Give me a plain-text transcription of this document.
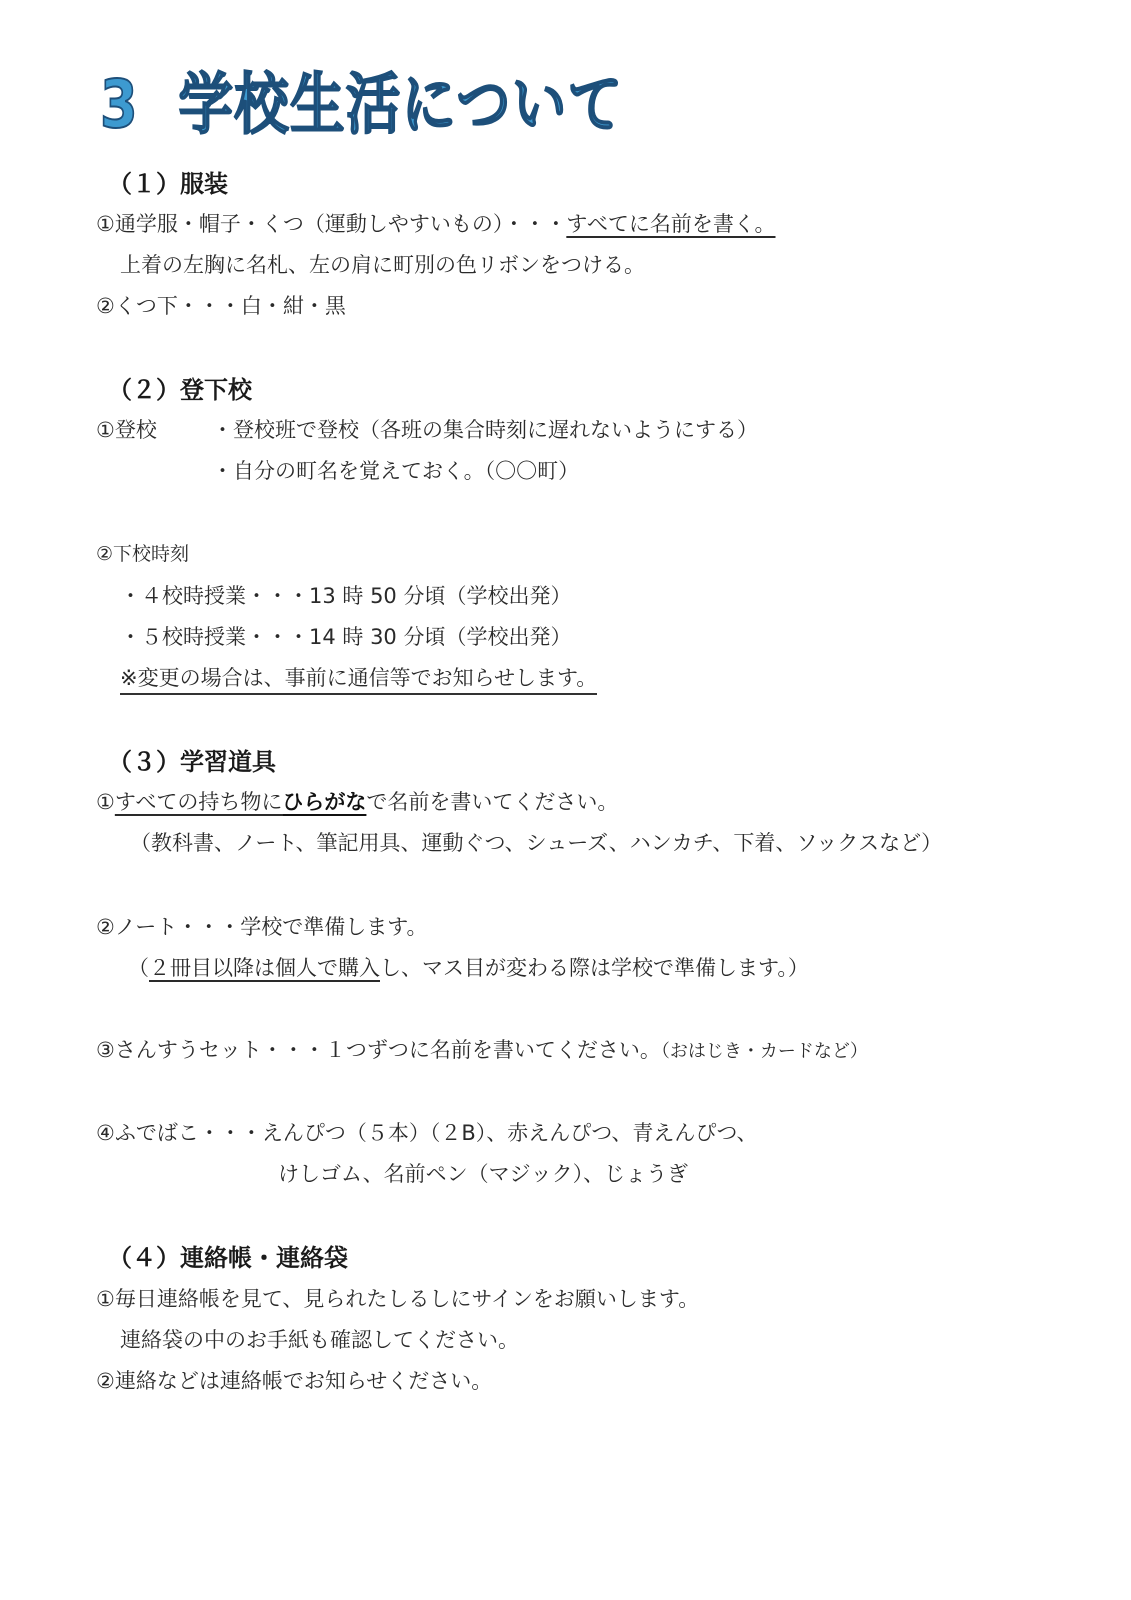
3 学校生活について
（１）服装

①通学服・帽子・くつ（運動しやすいもの）・・・すべてに名前を書く。

上着の左胸に名札、左の肩に町別の色リボンをつける。

②くつ下・・・白・紺・黒

（２）登下校

①登校	・登校班で登校（各班の集合時刻に遅れないようにする）

・自分の町名を覚えておく。（〇〇町）

②下校時刻

・４校時授業・・・13 時 50 分頃（学校出発）

・５校時授業・・・14 時 30 分頃（学校出発）

※変更の場合は、事前に通信等でお知らせします。

（３）学習道具

①すべての持ち物にひらがなで名前を書いてください。

（教科書、ノート、筆記用具、運動ぐつ、シューズ、ハンカチ、下着、ソックスなど）

②ノート・・・学校で準備します。

（２冊目以降は個人で購入し、マス目が変わる際は学校で準備します。）

③さんすうセット・・・１つずつに名前を書いてください。（おはじき・カードなど）

④ふでばこ・・・えんぴつ（５本）（２B）、赤えんぴつ、青えんぴつ、

けしゴム、名前ペン（マジック）、じょうぎ

（４）連絡帳・連絡袋

①毎日連絡帳を見て、見られたしるしにサインをお願いします。

連絡袋の中のお手紙も確認してください。

②連絡などは連絡帳でお知らせください。
